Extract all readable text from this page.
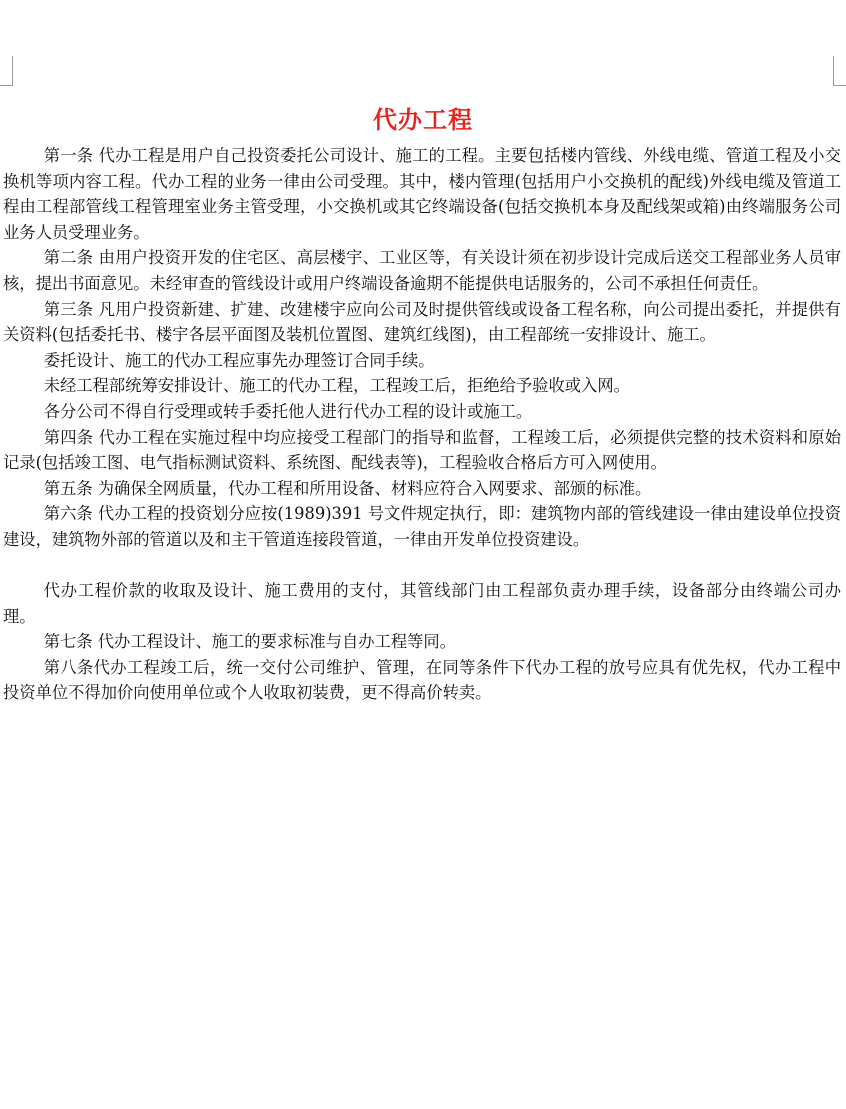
代办工程

第一条 代办工程是用户自己投资委托公司设计、施工的工程。主要包括楼内管线、外线电缆、管道工程及小交换机等项内容工程。代办工程的业务一律由公司受理。其中，楼内管理(包括用户小交换机的配线)外线电缆及管道工程由工程部管线工程管理室业务主管受理，小交换机或其它终端设备(包括交换机本身及配线架或箱)由终端服务公司业务人员受理业务。

第二条 由用户投资开发的住宅区、高层楼宇、工业区等，有关设计须在初步设计完成后送交工程部业务人员审核，提出书面意见。未经审查的管线设计或用户终端设备逾期不能提供电话服务的，公司不承担任何责任。

第三条 凡用户投资新建、扩建、改建楼宇应向公司及时提供管线或设备工程名称，向公司提出委托，并提供有关资料(包括委托书、楼宇各层平面图及装机位置图、建筑红线图)，由工程部统一安排设计、施工。

委托设计、施工的代办工程应事先办理签订合同手续。

未经工程部统筹安排设计、施工的代办工程，工程竣工后，拒绝给予验收或入网。

各分公司不得自行受理或转手委托他人进行代办工程的设计或施工。

第四条 代办工程在实施过程中均应接受工程部门的指导和监督，工程竣工后，必须提供完整的技术资料和原始记录(包括竣工图、电气指标测试资料、系统图、配线表等)，工程验收合格后方可入网使用。

第五条 为确保全网质量，代办工程和所用设备、材料应符合入网要求、部颁的标准。

第六条 代办工程的投资划分应按(1989)391 号文件规定执行，即：建筑物内部的管线建设一律由建设单位投资建设，建筑物外部的管道以及和主干管道连接段管道，一律由开发单位投资建设。

代办工程价款的收取及设计、施工费用的支付，其管线部门由工程部负责办理手续，设备部分由终端公司办理。

第七条 代办工程设计、施工的要求标准与自办工程等同。

第八条代办工程竣工后，统一交付公司维护、管理，在同等条件下代办工程的放号应具有优先权，代办工程中投资单位不得加价向使用单位或个人收取初装费，更不得高价转卖。
